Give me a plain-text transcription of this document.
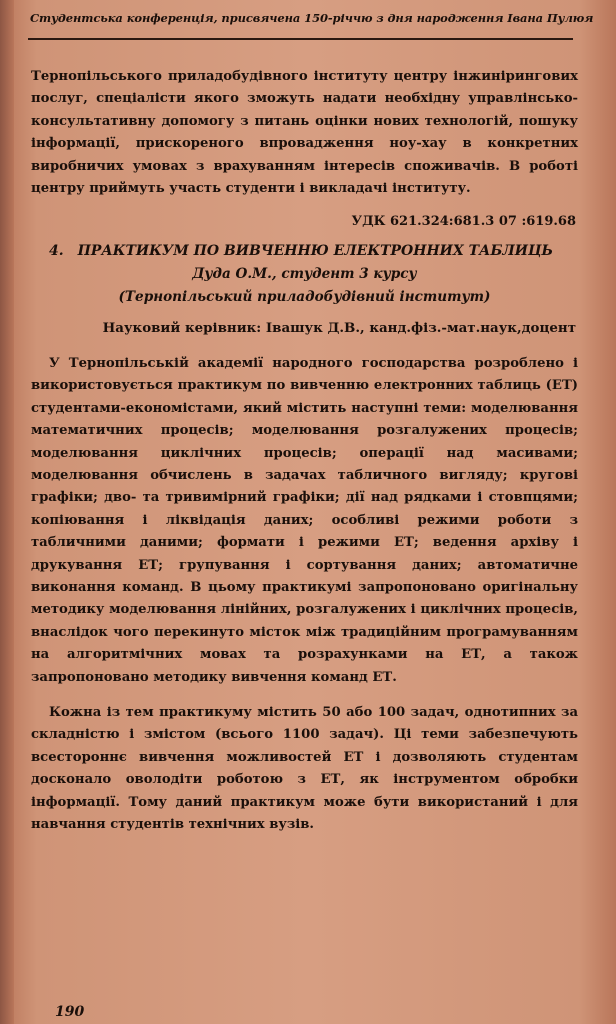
Студентська конференція, присвячена 150-річчю з дня народження Івана Пулюя
Тернопільського приладобудівного інституту центру інжинірингових послуг, спеціалісти якого зможуть надати необхідну управлінсько-консультативну допомогу з питань оцінки нових технологій, пошуку інформації, прискореного впровадження ноу-хау в конкретних виробничих умовах з врахуванням інтересів споживачів. В роботі центру приймуть участь студенти і викладачі інституту.
УДК 621.324:681.3 07 :619.68
4. ПРАКТИКУМ ПО ВИВЧЕННЮ ЕЛЕКТРОННИХ ТАБЛИЦЬ
Дуда О.М., студент 3 курсу
(Тернопільський приладобудівний інститут)
Науковий керівник: Івашук Д.В., канд.фіз.-мат.наук,доцент
У Тернопільській академії народного господарства розроблено і використовується практикум по вивченню електронних таблиць (ЕТ) студентами-економістами, який містить наступні теми: моделювання математичних процесів; моделювання розгалужених процесів; моделювання циклічних процесів; операції над масивами; моделювання обчислень в задачах табличного вигляду; кругові графіки; дво- та тривимірний графіки; дії над рядками і стовпцями; копіювання і ліквідація даних; особливі режими роботи з табличними даними; формати і режими ЕТ; ведення архіву і друкування ЕТ; групування і сортування даних; автоматичне виконання команд. В цьому практикумі запропоновано оригінальну методику моделювання лінійних, розгалужених і циклічних процесів, внаслідок чого перекинуто місток між традиційним програмуванням на алгоритмічних мовах та розрахунками на ЕТ, а також запропоновано методику вивчення команд ЕТ.
Кожна із тем практикуму містить 50 або 100 задач, однотипних за складністю і змістом (всього 1100 задач). Ці теми забезпечують всестороннє вивчення можливостей ЕТ і дозволяють студентам досконало оволодіти роботою з ЕТ, як інструментом обробки інформації. Тому даний практикум може бути використаний і для навчання студентів технічних вузів.
190
